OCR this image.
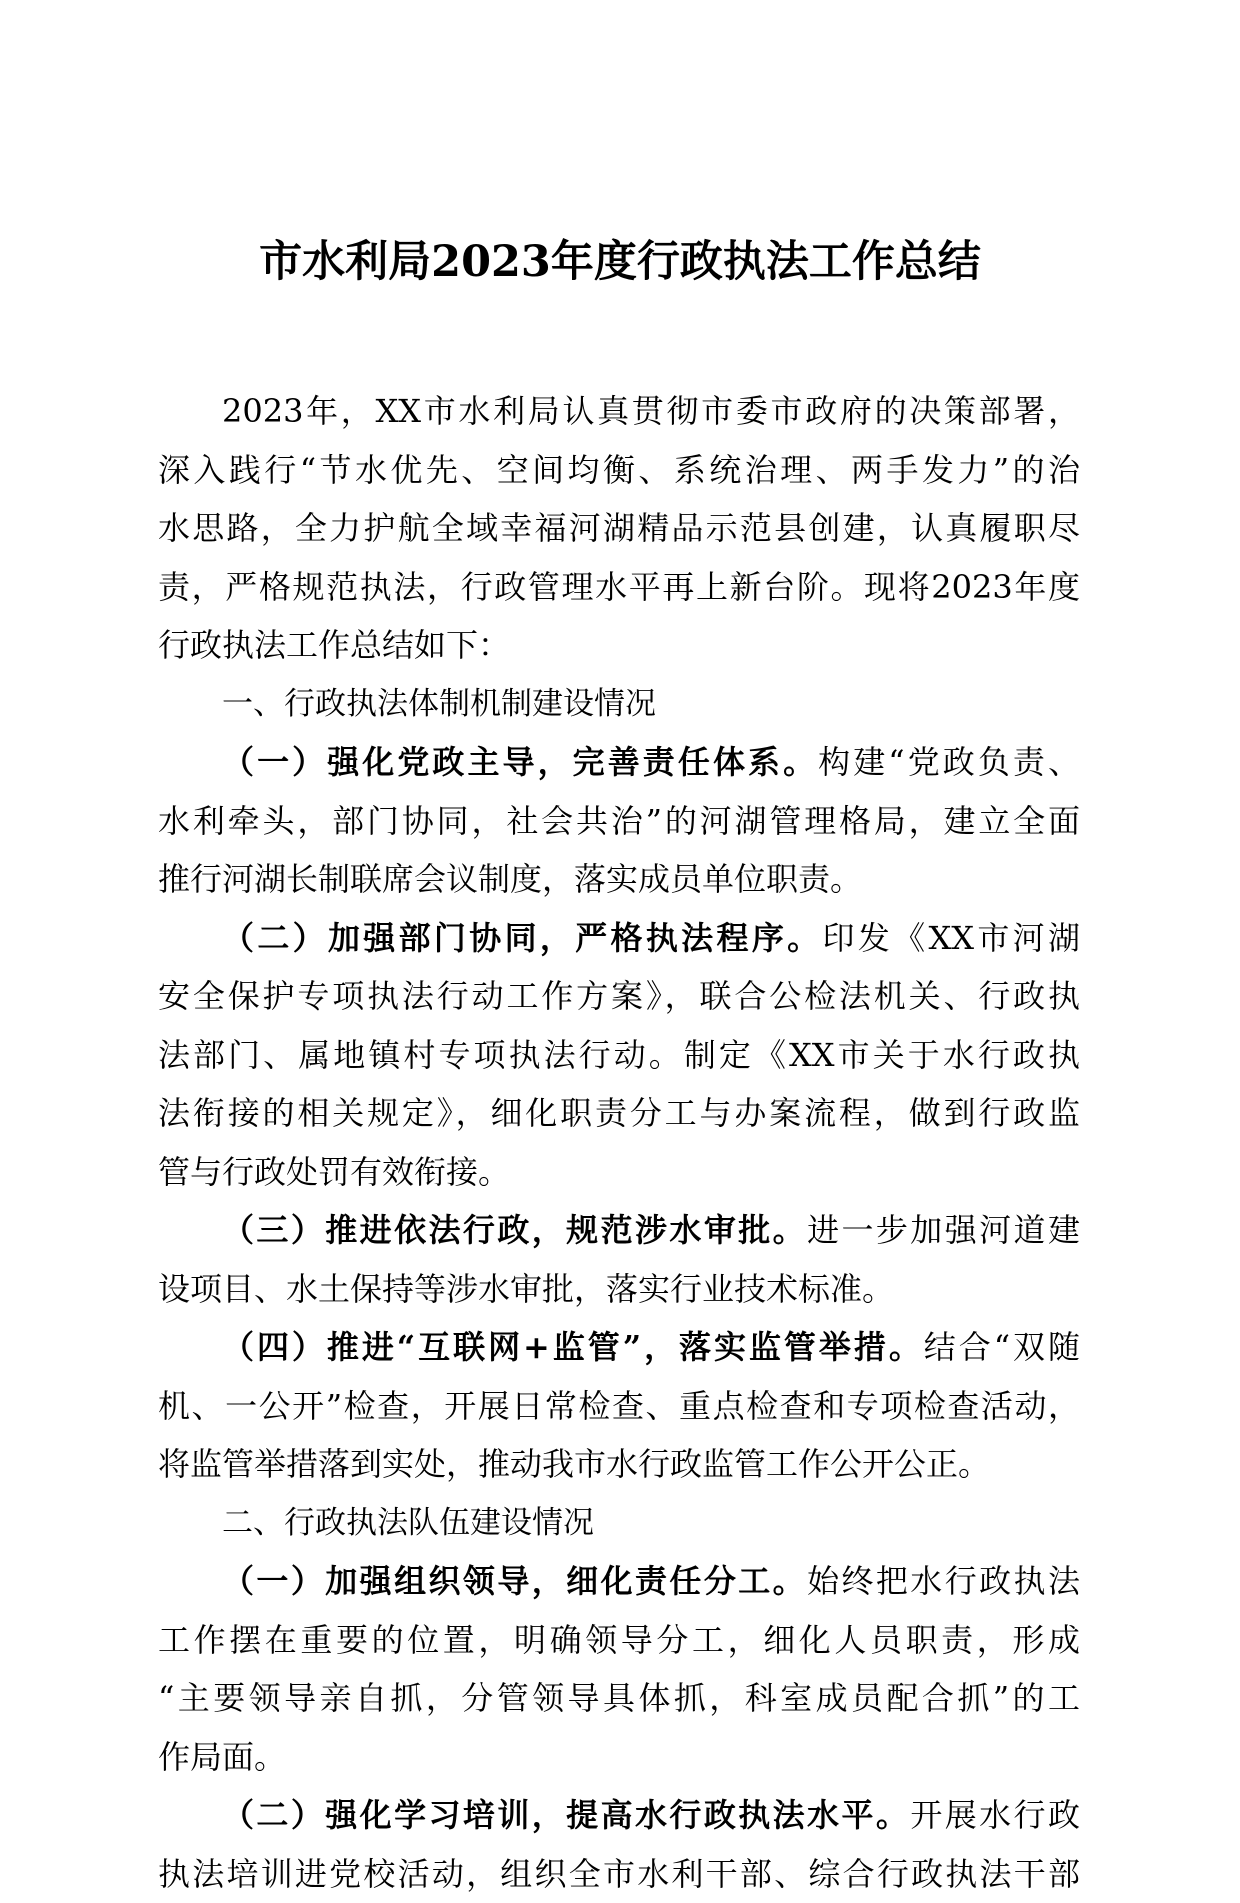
市水利局2023年度行政执法工作总结
2023年，XX市水利局认真贯彻市委市政府的决策部署，
深入践行“节水优先、空间均衡、系统治理、两手发力”的治
水思路，全力护航全域幸福河湖精品示范县创建，认真履职尽
责，严格规范执法，行政管理水平再上新台阶。现将2023年度
行政执法工作总结如下：
一、行政执法体制机制建设情况
（一）强化党政主导，完善责任体系。构建“党政负责、
水利牵头，部门协同，社会共治”的河湖管理格局，建立全面
推行河湖长制联席会议制度，落实成员单位职责。
（二）加强部门协同，严格执法程序。印发《XX市河湖
安全保护专项执法行动工作方案》，联合公检法机关、行政执
法部门、属地镇村专项执法行动。制定《XX市关于水行政执
法衔接的相关规定》，细化职责分工与办案流程，做到行政监
管与行政处罚有效衔接。
（三）推进依法行政，规范涉水审批。进一步加强河道建
设项目、水土保持等涉水审批，落实行业技术标准。
（四）推进“互联网+监管”，落实监管举措。结合“双随
机、一公开”检查，开展日常检查、重点检查和专项检查活动，
将监管举措落到实处，推动我市水行政监管工作公开公正。
二、行政执法队伍建设情况
（一）加强组织领导，细化责任分工。始终把水行政执法
工作摆在重要的位置，明确领导分工，细化人员职责，形成
“主要领导亲自抓，分管领导具体抓，科室成员配合抓”的工
作局面。
（二）强化学习培训，提高水行政执法水平。开展水行政
执法培训进党校活动，组织全市水利干部、综合行政执法干部
